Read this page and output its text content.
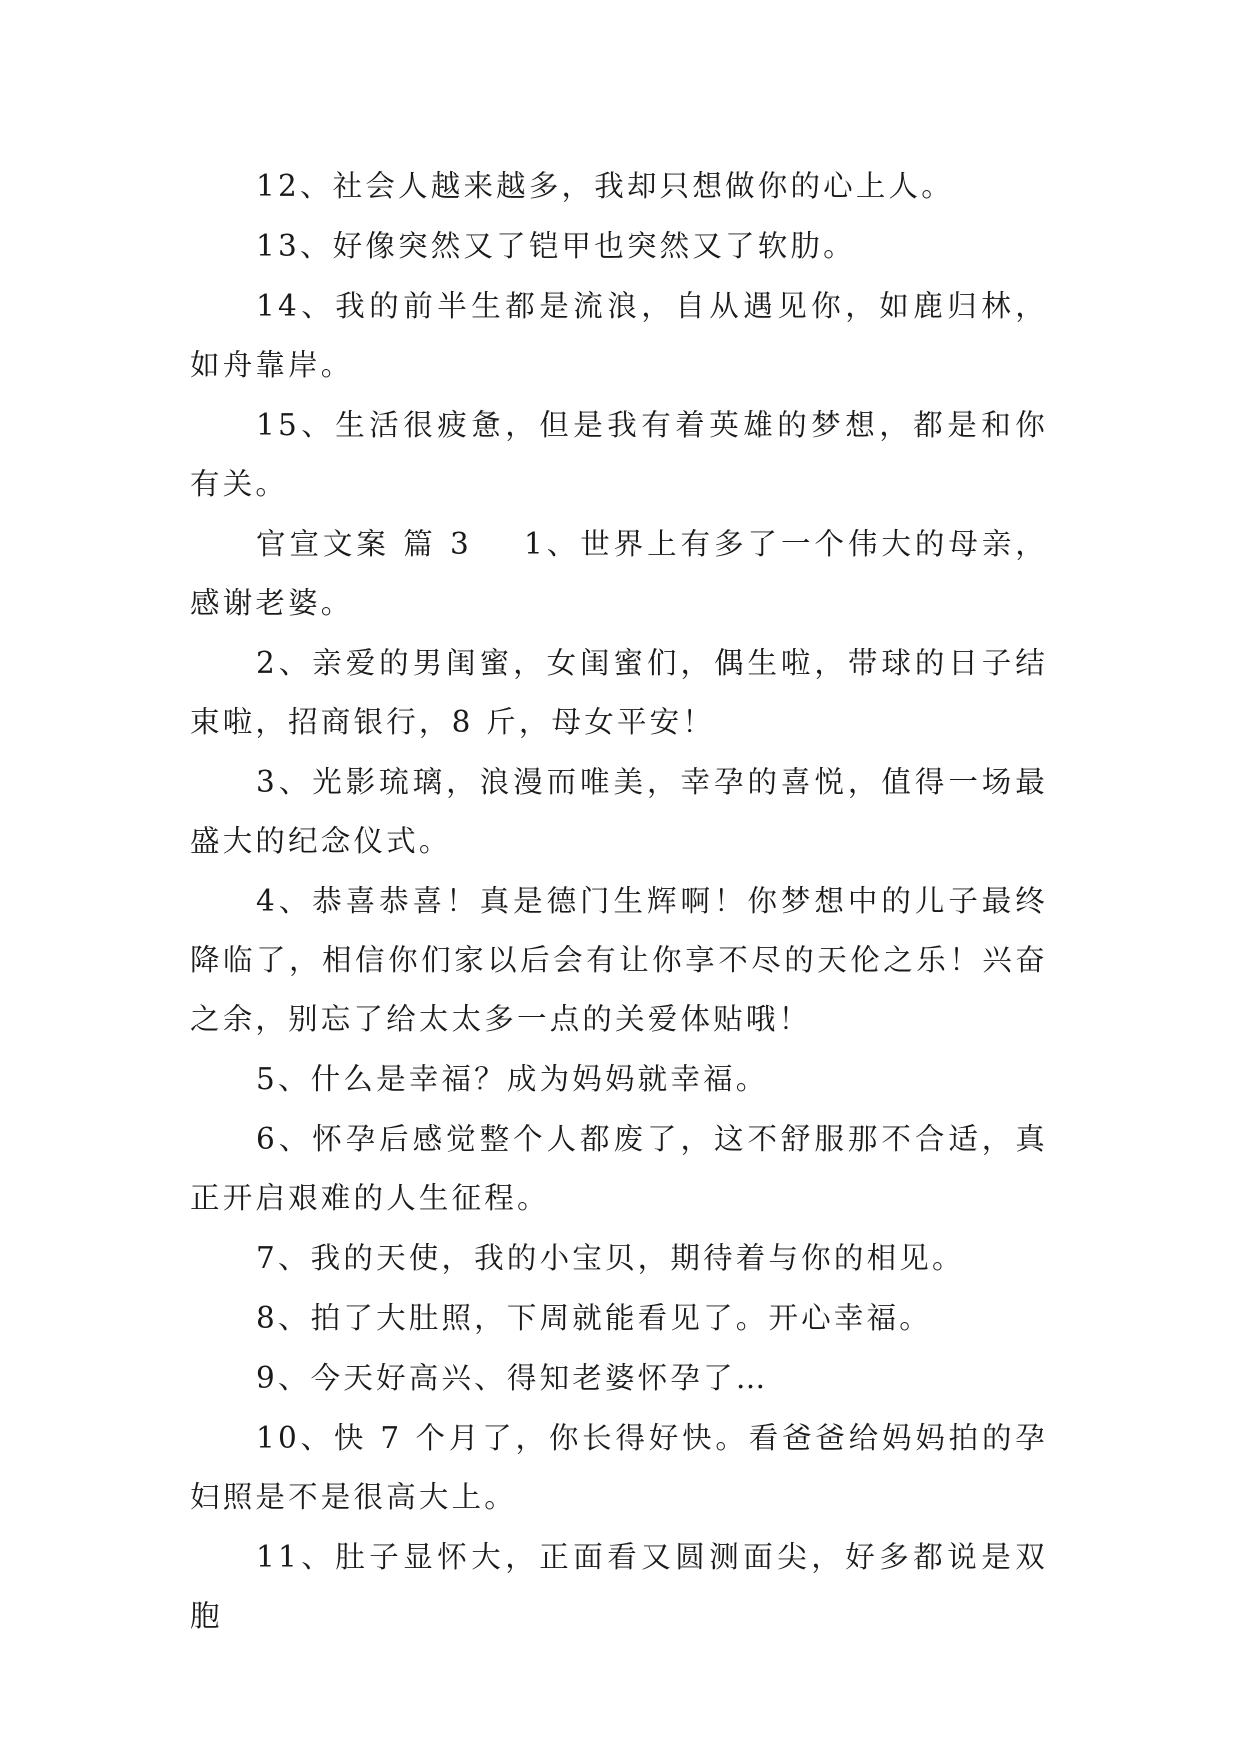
12、社会人越来越多，我却只想做你的心上人。

13、好像突然又了铠甲也突然又了软肋。

14、我的前半生都是流浪，自从遇见你，如鹿归林，如舟靠岸。

15、生活很疲惫，但是我有着英雄的梦想，都是和你有关。

官宣文案 篇 3 1、世界上有多了一个伟大的母亲，感谢老婆。

2、亲爱的男闺蜜，女闺蜜们，偶生啦，带球的日子结束啦，招商银行，8 斤，母女平安！

3、光影琉璃，浪漫而唯美，幸孕的喜悦，值得一场最盛大的纪念仪式。

4、恭喜恭喜！真是德门生辉啊！你梦想中的儿子最终降临了，相信你们家以后会有让你享不尽的天伦之乐！兴奋之余，别忘了给太太多一点的关爱体贴哦！

5、什么是幸福？成为妈妈就幸福。

6、怀孕后感觉整个人都废了，这不舒服那不合适，真正开启艰难的人生征程。

7、我的天使，我的小宝贝，期待着与你的相见。

8、拍了大肚照，下周就能看见了。开心幸福。

9、今天好高兴、得知老婆怀孕了…

10、快 7 个月了，你长得好快。看爸爸给妈妈拍的孕妇照是不是很高大上。

11、肚子显怀大，正面看又圆测面尖，好多都说是双胞
